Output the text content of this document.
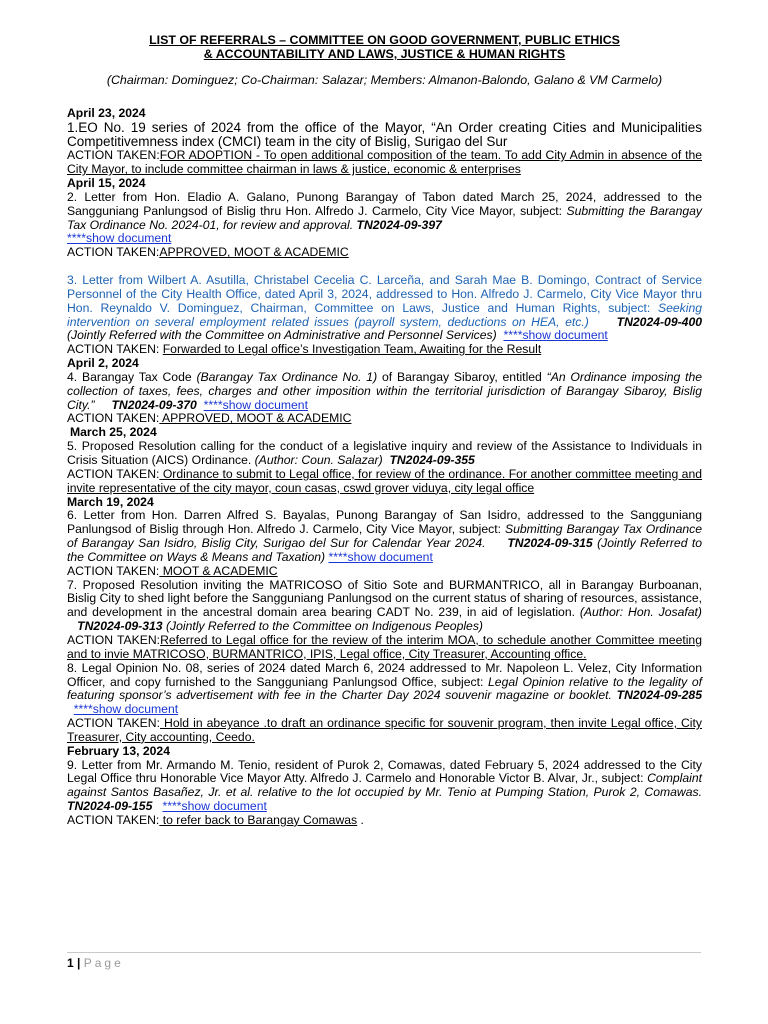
LIST OF REFERRALS – COMMITTEE ON GOOD GOVERNMENT, PUBLIC ETHICS
& ACCOUNTABILITY AND LAWS, JUSTICE & HUMAN RIGHTS
(Chairman: Dominguez; Co-Chairman: Salazar; Members: Almanon-Balondo, Galano & VM Carmelo)
April 23, 2024
1.EO No. 19 series of 2024 from the office of the Mayor, “An Order creating Cities and Municipalities Competitivemness index (CMCI) team in the city of Bislig, Surigao del Sur
ACTION TAKEN:FOR ADOPTION - To open additional composition of the team. To add City Admin in absence of the City Mayor, to include committee chairman in laws & justice, economic & enterprises
April 15, 2024
2. Letter from Hon. Eladio A. Galano, Punong Barangay of Tabon dated March 25, 2024, addressed to the Sangguniang Panlungsod of Bislig thru Hon. Alfredo J. Carmelo, City Vice Mayor, subject: Submitting the Barangay Tax Ordinance No. 2024-01, for review and approval. TN2024-09-397
****show document
ACTION TAKEN:APPROVED, MOOT & ACADEMIC
3. Letter from Wilbert A. Asutilla, Christabel Cecelia C. Larceña, and Sarah Mae B. Domingo, Contract of Service Personnel of the City Health Office, dated April 3, 2024, addressed to Hon. Alfredo J. Carmelo, City Vice Mayor thru Hon. Reynaldo V. Dominguez, Chairman, Committee on Laws, Justice and Human Rights, subject: Seeking intervention on several employment related issues (payroll system, deductions on HEA, etc.) TN2024-09-400 (Jointly Referred with the Committee on Administrative and Personnel Services) ****show document
ACTION TAKEN: Forwarded to Legal office’s Investigation Team, Awaiting for the Result
April 2, 2024
4. Barangay Tax Code (Barangay Tax Ordinance No. 1) of Barangay Sibaroy, entitled “An Ordinance imposing the collection of taxes, fees, charges and other imposition within the territorial jurisdiction of Barangay Sibaroy, Bislig City.” TN2024-09-370 ****show document
ACTION TAKEN: APPROVED, MOOT & ACADEMIC
March 25, 2024
5. Proposed Resolution calling for the conduct of a legislative inquiry and review of the Assistance to Individuals in Crisis Situation (AICS) Ordinance. (Author: Coun. Salazar) TN2024-09-355
ACTION TAKEN: Ordinance to submit to Legal office, for review of the ordinance. For another committee meeting and invite representative of the city mayor, coun casas, cswd grover viduya, city legal office
March 19, 2024
6. Letter from Hon. Darren Alfred S. Bayalas, Punong Barangay of San Isidro, addressed to the Sangguniang Panlungsod of Bislig through Hon. Alfredo J. Carmelo, City Vice Mayor, subject: Submitting Barangay Tax Ordinance of Barangay San Isidro, Bislig City, Surigao del Sur for Calendar Year 2024. TN2024-09-315 (Jointly Referred to the Committee on Ways & Means and Taxation) ****show document
ACTION TAKEN: MOOT & ACADEMIC
7. Proposed Resolution inviting the MATRICOSO of Sitio Sote and BURMANTRICO, all in Barangay Burboanan, Bislig City to shed light before the Sangguniang Panlungsod on the current status of sharing of resources, assistance, and development in the ancestral domain area bearing CADT No. 239, in aid of legislation. (Author: Hon. Josafat)    TN2024-09-313 (Jointly Referred to the Committee on Indigenous Peoples)
ACTION TAKEN:Referred to Legal office for the review of the interim MOA, to schedule another Committee meeting and to invie MATRICOSO, BURMANTRICO, IPIS, Legal office, City Treasurer, Accounting office.
8. Legal Opinion No. 08, series of 2024 dated March 6, 2024 addressed to Mr. Napoleon L. Velez, City Information Officer, and copy furnished to the Sangguniang Panlungsod Office, subject: Legal Opinion relative to the legality of featuring sponsor’s advertisement with fee in the Charter Day 2024 souvenir magazine or booklet. TN2024-09-285   ****show document
ACTION TAKEN: Hold in abeyance .to draft an ordinance specific for souvenir program, then invite Legal office, City Treasurer, City accounting, Ceedo.
February 13, 2024
9. Letter from Mr. Armando M. Tenio, resident of Purok 2, Comawas, dated February 5, 2024 addressed to the City Legal Office thru Honorable Vice Mayor Atty. Alfredo J. Carmelo and Honorable Victor B. Alvar, Jr., subject: Complaint against Santos Basañez, Jr. et al. relative to the lot occupied by Mr. Tenio at Pumping Station, Purok 2, Comawas. TN2024-09-155 ****show document
ACTION TAKEN: to refer back to Barangay Comawas .
1 | Page
